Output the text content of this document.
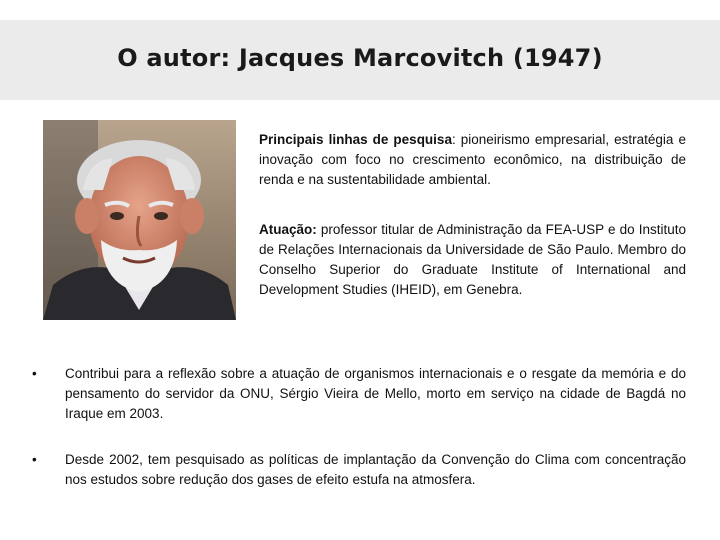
O autor: Jacques Marcovitch (1947)
Principais linhas de pesquisa: pioneirismo empresarial, estratégia e inovação com foco no crescimento econômico, na distribuição de renda e na sustentabilidade ambiental.
Atuação: professor titular de Administração da FEA-USP e do Instituto de Relações Internacionais da Universidade de São Paulo. Membro do Conselho Superior do Graduate Institute of International and Development Studies (IHEID), em Genebra.
• Contribui para a reflexão sobre a atuação de organismos internacionais e o resgate da memória e do pensamento do servidor da ONU, Sérgio Vieira de Mello, morto em serviço na cidade de Bagdá no Iraque em 2003.
• Desde 2002, tem pesquisado as políticas de implantação da Convenção do Clima com concentração nos estudos sobre redução dos gases de efeito estufa na atmosfera.
